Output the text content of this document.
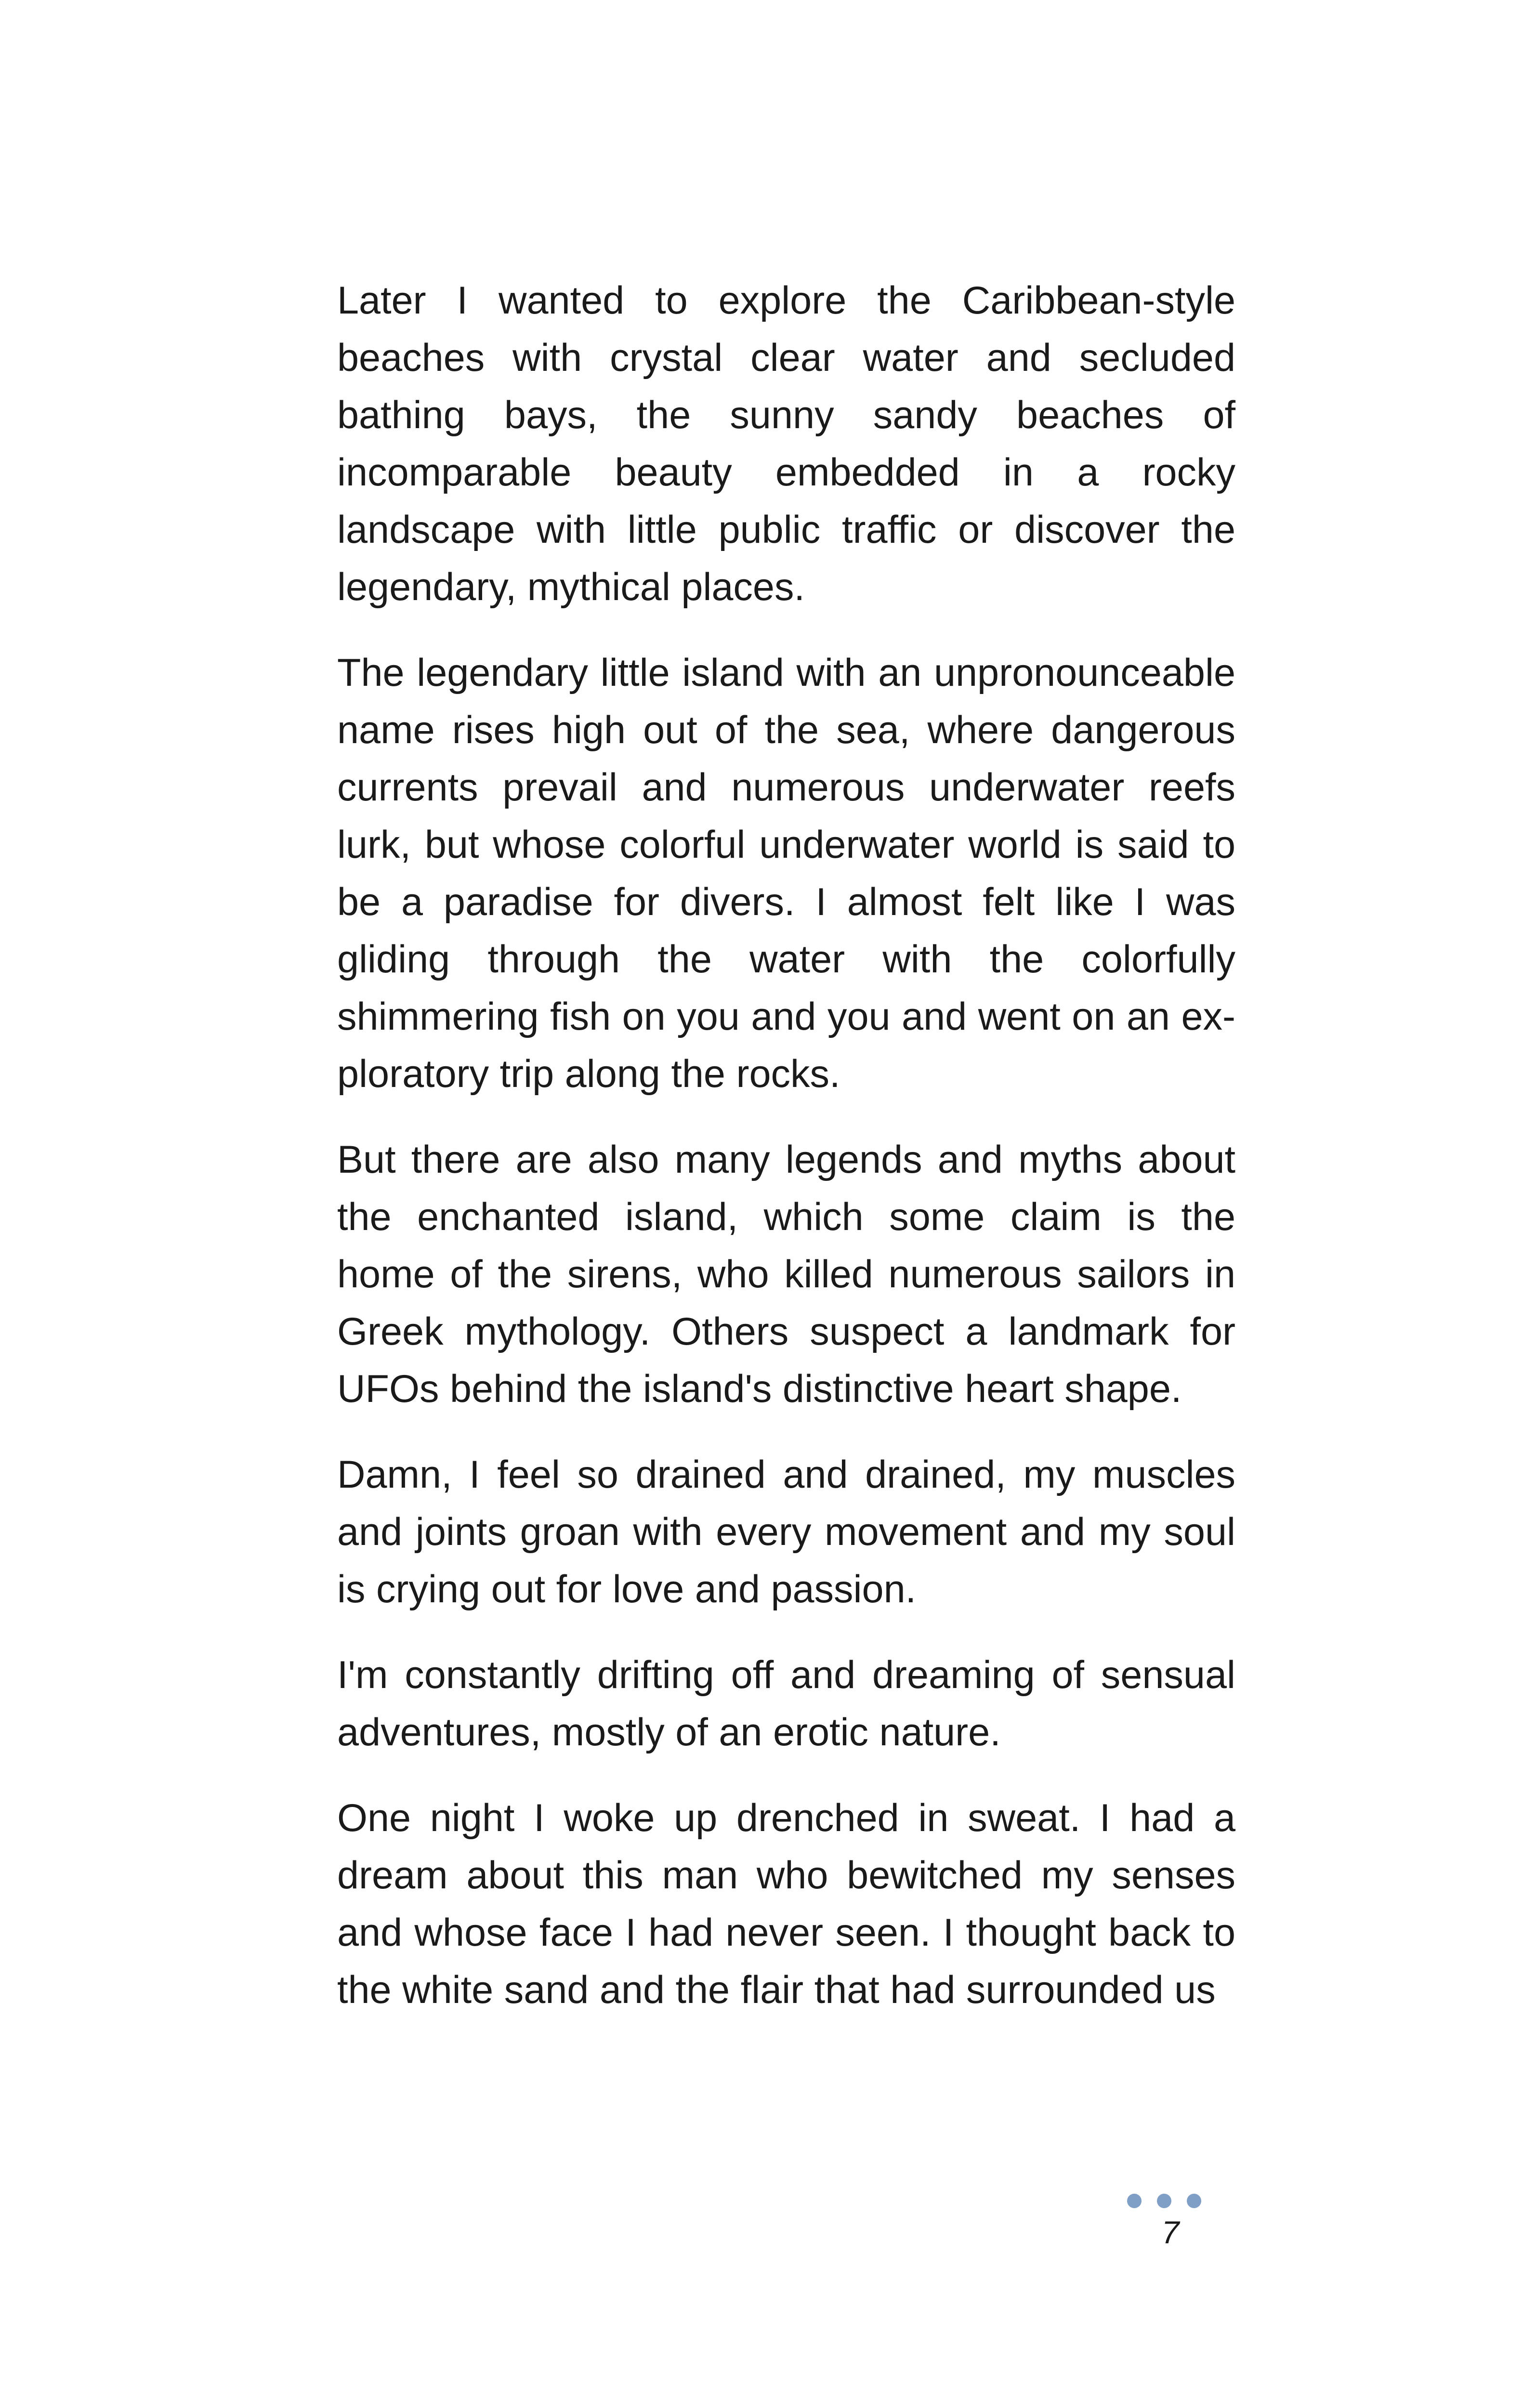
Later I wanted to explore the Caribbean-style beaches with crystal clear water and secluded bathing bays, the sunny sandy beaches of incomparable beauty embedded in a rocky landscape with little public traffic or discover the legendary, mythical places.

The legendary little island with an unpronounceable name rises high out of the sea, where dangerous currents prevail and numerous underwater reefs lurk, but whose colorful underwater world is said to be a paradise for divers. I almost felt like I was gliding through the water with the colorfully shimmering fish on you and you and went on an exploratory trip along the rocks.

But there are also many legends and myths about the enchanted island, which some claim is the home of the sirens, who killed numerous sailors in Greek mythology. Others suspect a landmark for UFOs behind the island's distinctive heart shape.

Damn, I feel so drained and drained, my muscles and joints groan with every movement and my soul is crying out for love and passion.

I'm constantly drifting off and dreaming of sensual adventures, mostly of an erotic nature.

One night I woke up drenched in sweat. I had a dream about this man who bewitched my senses and whose face I had never seen. I thought back to the white sand and the flair that had surrounded us

7
